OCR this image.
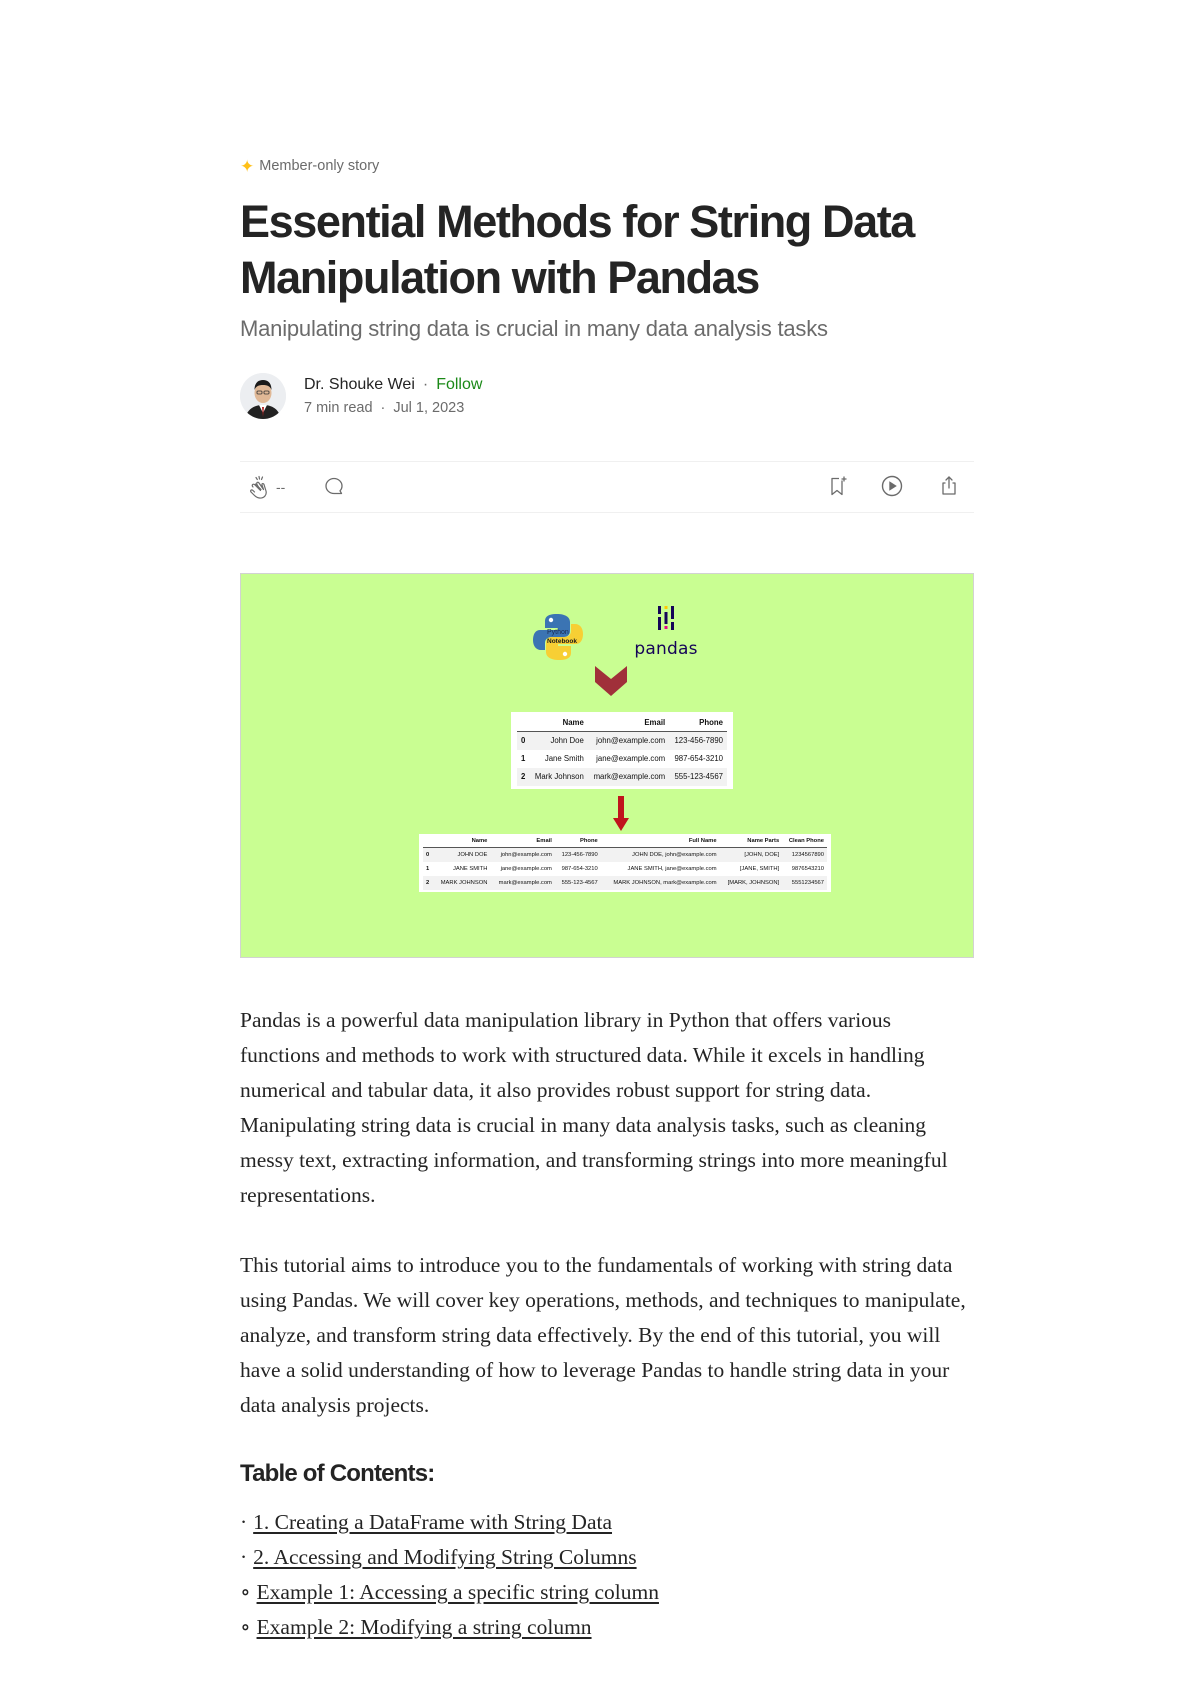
✦ Member-only story
Essential Methods for String Data Manipulation with Pandas
Manipulating string data is crucial in many data analysis tasks
Dr. Shouke Wei · Follow
7 min read · Jul 1, 2023
--
Python
Notebook	pandas
	Name	Email	Phone
0	John Doe	john@example.com	123-456-7890
1	Jane Smith	jane@example.com	987-654-3210
2	Mark Johnson	mark@example.com	555-123-4567
	Name	Email	Phone	Full Name	Name Parts	Clean Phone
0	JOHN DOE	john@example.com	123-456-7890	JOHN DOE, john@example.com	[JOHN, DOE]	1234567890
1	JANE SMITH	jane@example.com	987-654-3210	JANE SMITH, jane@example.com	[JANE, SMITH]	9876543210
2	MARK JOHNSON	mark@example.com	555-123-4567	MARK JOHNSON, mark@example.com	[MARK, JOHNSON]	5551234567

Pandas is a powerful data manipulation library in Python that offers various functions and methods to work with structured data. While it excels in handling numerical and tabular data, it also provides robust support for string data. Manipulating string data is crucial in many data analysis tasks, such as cleaning messy text, extracting information, and transforming strings into more meaningful representations.

This tutorial aims to introduce you to the fundamentals of working with string data using Pandas. We will cover key operations, methods, and techniques to manipulate, analyze, and transform string data effectively. By the end of this tutorial, you will have a solid understanding of how to leverage Pandas to handle string data in your data analysis projects.

Table of Contents:
· 1. Creating a DataFrame with String Data
· 2. Accessing and Modifying String Columns
∘ Example 1: Accessing a specific string column
∘ Example 2: Modifying a string column
